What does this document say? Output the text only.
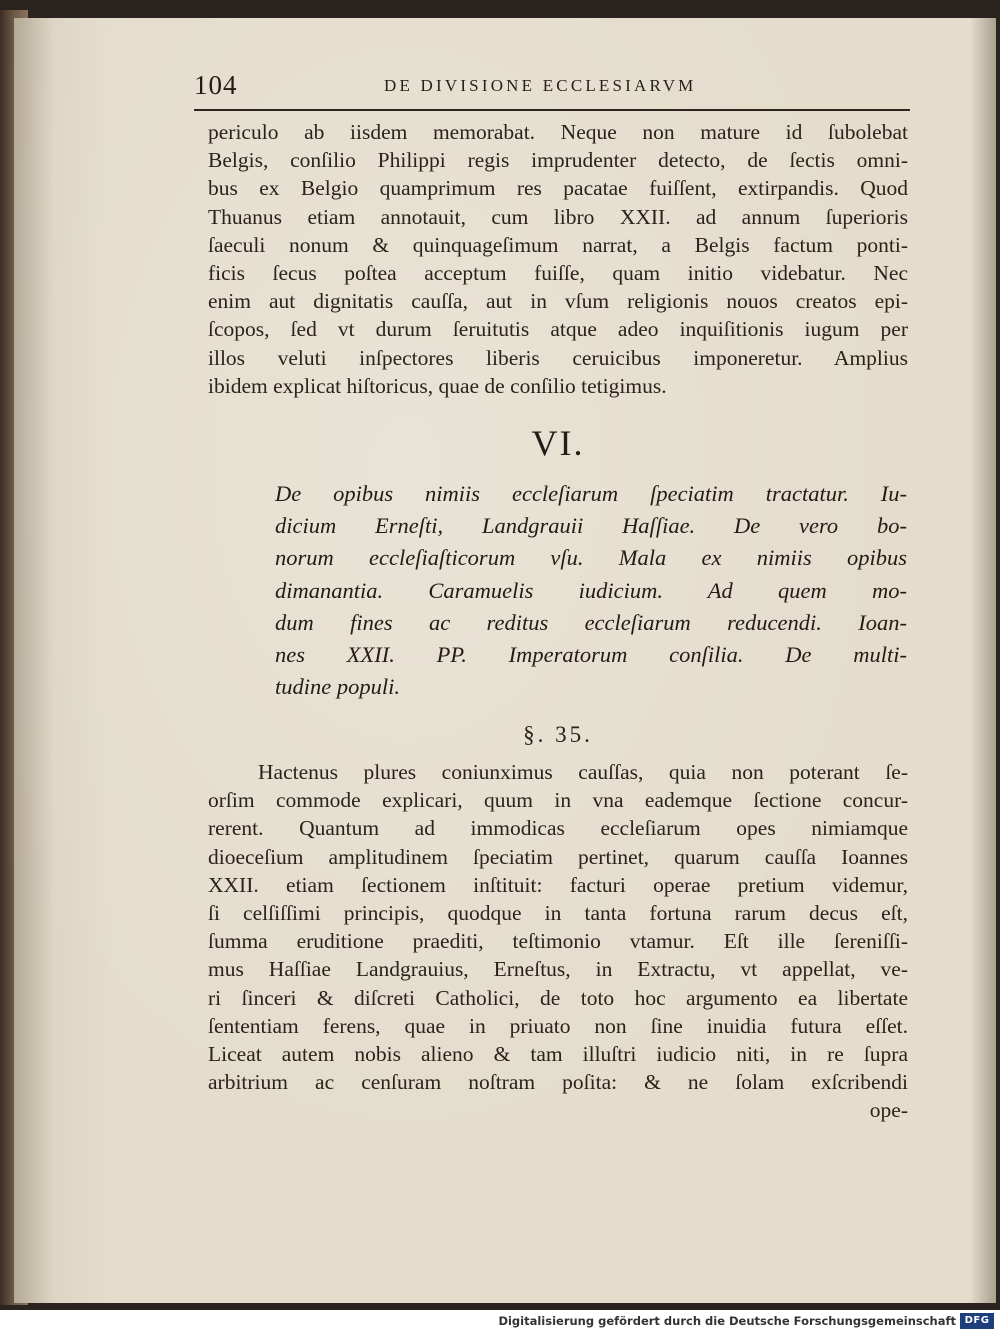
104	DE DIVISIONE ECCLESIARVM
periculo ab iisdem memorabat. Neque non mature id ſubolebat
Belgis, conſilio Philippi regis imprudenter detecto, de ſectis omni-
bus ex Belgio quamprimum res pacatae fuiſſent, extirpandis. Quod
Thuanus etiam annotauit, cum libro XXII. ad annum ſuperioris
ſaeculi nonum & quinquageſimum narrat, a Belgis factum ponti-
ficis ſecus poſtea acceptum fuiſſe, quam initio videbatur. Nec
enim aut dignitatis cauſſa, aut in vſum religionis nouos creatos epi-
ſcopos, ſed vt durum ſeruitutis atque adeo inquiſitionis iugum per
illos veluti inſpectores liberis ceruicibus imponeretur. Amplius
ibidem explicat hiſtoricus, quae de conſilio tetigimus.
VI.
De opibus nimiis eccleſiarum ſpeciatim tractatur. Iu-
dicium Erneſti, Landgrauii Haſſiae. De vero bo-
norum eccleſiaſticorum vſu. Mala ex nimiis opibus
dimanantia. Caramuelis iudicium. Ad quem mo-
dum fines ac reditus eccleſiarum reducendi. Ioan-
nes XXII. PP. Imperatorum conſilia. De multi-
tudine populi.
§. 35.
Hactenus plures coniunximus cauſſas, quia non poterant ſe-
orſim commode explicari, quum in vna eademque ſectione concur-
rerent. Quantum ad immodicas eccleſiarum opes nimiamque
dioeceſium amplitudinem ſpeciatim pertinet, quarum cauſſa Ioannes
XXII. etiam ſectionem inſtituit: facturi operae pretium videmur,
ſi celſiſſimi principis, quodque in tanta fortuna rarum decus eſt,
ſumma eruditione praediti, teſtimonio vtamur. Eſt ille ſereniſſi-
mus Haſſiae Landgrauius, Erneſtus, in Extractu, vt appellat, ve-
ri ſinceri & diſcreti Catholici, de toto hoc argumento ea libertate
ſententiam ferens, quae in priuato non ſine inuidia futura eſſet.
Liceat autem nobis alieno & tam illuſtri iudicio niti, in re ſupra
arbitrium ac cenſuram noſtram poſita: & ne ſolam exſcribendi
ope-
Digitalisierung gefördert durch die Deutsche Forschungsgemeinschaft DFG
